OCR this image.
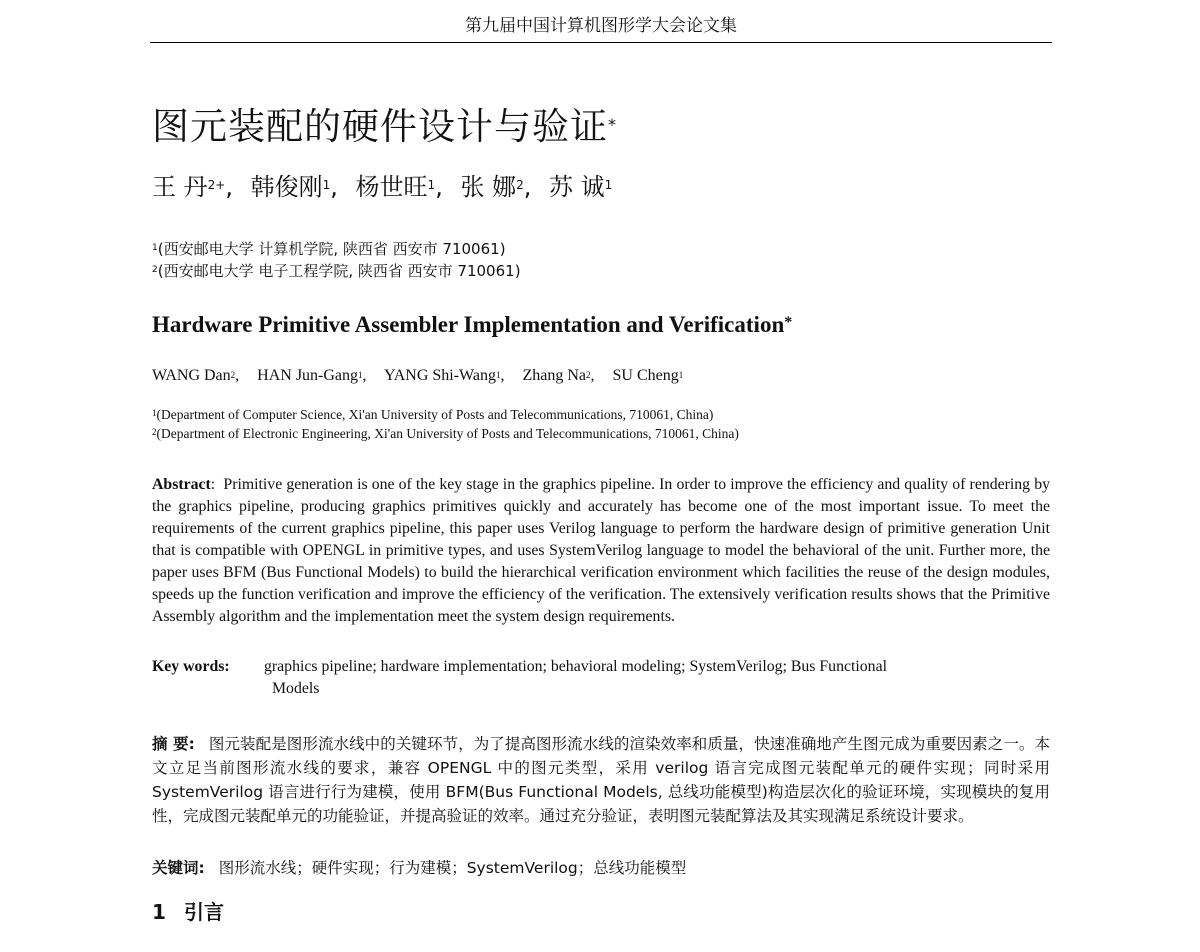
第九届中国计算机图形学大会论文集
图元装配的硬件设计与验证*
王 丹$^{2+}$, 韩俊刚$^1$, 杨世旺$^1$, 张 娜$^2$, 苏 诚$^1$
$^1$(西安邮电大学 计算机学院, 陕西省 西安市 710061)
$^2$(西安邮电大学 电子工程学院, 陕西省 西安市 710061)
Hardware Primitive Assembler Implementation and Verification*
WANG Dan$^2$, HAN Jun-Gang$^1$, YANG Shi-Wang$^1$, Zhang Na$^2$, SU Cheng$^1$
$^1$(Department of Computer Science, Xi'an University of Posts and Telecommunications, 710061, China)
$^2$(Department of Electronic Engineering, Xi'an University of Posts and Telecommunications, 710061, China)

Abstract:  Primitive generation is one of the key stage in the graphics pipeline. In order to improve the efficiency and quality of rendering by the graphics pipeline, producing graphics primitives quickly and accurately has become one of the most important issue. To meet the requirements of the current graphics pipeline, this paper uses Verilog language to perform the hardware design of primitive generation Unit that is compatible with OPENGL in primitive types, and uses SystemVerilog language to model the behavioral of the unit. Further more, the paper uses BFM (Bus Functional Models) to build the hierarchical verification environment which facilities the reuse of the design modules, speeds up the function verification and improve the efficiency of the verification. The extensively verification results shows that the Primitive Assembly algorithm and the implementation meet the system design requirements.

Key words: graphics pipeline; hardware implementation; behavioral modeling; SystemVerilog; Bus Functional
Models

摘 要: 图元装配是图形流水线中的关键环节，为了提高图形流水线的渲染效率和质量，快速准确地产生图元成为重要因素之一。本文立足当前图形流水线的要求，兼容 OPENGL 中的图元类型，采用 verilog 语言完成图元装配单元的硬件实现；同时采用 SystemVerilog 语言进行行为建模，使用 BFM(Bus Functional Models, 总线功能模型)构造层次化的验证环境，实现模块的复用性，完成图元装配单元的功能验证，并提高验证的效率。通过充分验证，表明图元装配算法及其实现满足系统设计要求。

关键词: 图形流水线；硬件实现；行为建模；SystemVerilog；总线功能模型
1 引言
